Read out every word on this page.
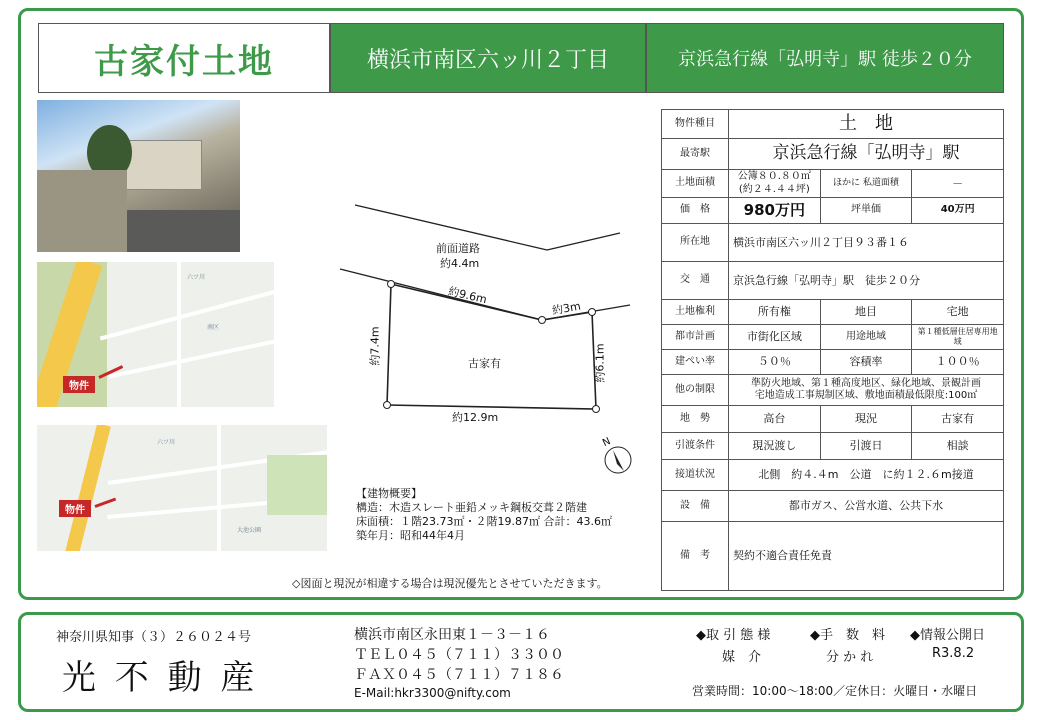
古家付土地	横浜市南区六ッ川２丁目	京浜急行線「弘明寺」駅 徒歩２０分
六ツ川
南区
物件
六ツ川
大池公園
物件
前面道路
約4.4m
約9.6m
約3m
約7.4m	約6.1m
約12.9m
古家有
N
【建物概要】
構造：木造スレート亜鉛メッキ鋼板交葺２階建
床面積：１階23.73㎡・２階19.87㎡ 合計：43.6㎡
築年月：昭和44年4月
◇図面と現況が相違する場合は現況優先とさせていただきます。
物件種目	土　地		
最寄駅	京浜急行線「弘明寺」駅		
土地面積	公簿８０.８０㎡(約２４.４４坪)	ほかに 私道面積	－
価　格	980万円	坪単価	40万円
所在地	横浜市南区六ッ川２丁目９３番１６		
交　通	京浜急行線「弘明寺」駅　徒歩２０分		
土地権利	所有権	地目	宅地
都市計画	市街化区域	用途地域	第１種低層住居専用地域
建ぺい率	５０％	容積率	１００％
他の制限	準防火地域、第１種高度地区、緑化地域、景観計画
宅地造成工事規制区域、敷地面積最低限度:100㎡		

地　勢	高台	現況	古家有
引渡条件	現況渡し	引渡日	相談
接道状況	北側　約４.４m　公道　に約１２.６m接道		
設　備	都市ガス、公営水道、公共下水		
備　考	契約不適合責任免責		
神奈川県知事（３）２６０２４号
光 不 動 産
横浜市南区永田東１－３－１６
ＴＥＬ０４５（７１１）３３００
ＦＡＸ０４５（７１１）７１８６
E-Mail:hkr3300@nifty.com
◆取 引 態 様
媒　介
◆手　数　料
分 か れ
◆情報公開日
R3.8.2
営業時間：10:00～18:00／定休日：火曜日・水曜日
